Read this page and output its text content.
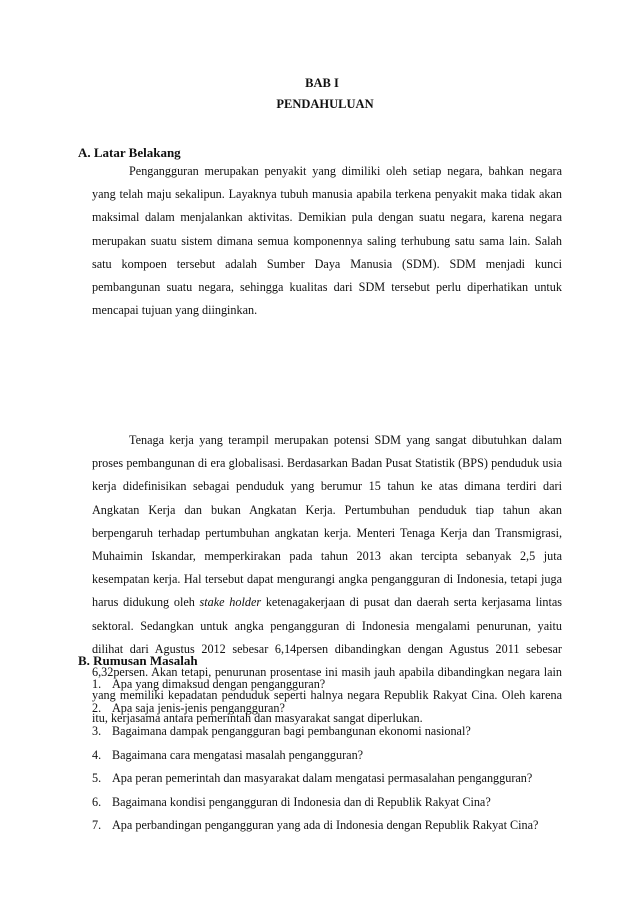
BAB I
PENDAHULUAN
A. Latar Belakang

Pengangguran merupakan penyakit yang dimiliki oleh setiap negara, bahkan negara yang telah maju sekalipun. Layaknya tubuh manusia apabila terkena penyakit maka tidak akan maksimal dalam menjalankan aktivitas. Demikian pula dengan suatu negara, karena negara merupakan suatu sistem dimana semua komponennya saling terhubung satu sama lain. Salah satu kompoen tersebut adalah Sumber Daya Manusia (SDM). SDM menjadi kunci pembangunan suatu negara, sehingga kualitas dari SDM tersebut perlu diperhatikan untuk mencapai tujuan yang diinginkan.

Tenaga kerja yang terampil merupakan potensi SDM yang sangat dibutuhkan dalam proses pembangunan di era globalisasi. Berdasarkan Badan Pusat Statistik (BPS) penduduk usia kerja didefinisikan sebagai penduduk yang berumur 15 tahun ke atas dimana terdiri dari Angkatan Kerja dan bukan Angkatan Kerja. Pertumbuhan penduduk tiap tahun akan berpengaruh terhadap pertumbuhan angkatan kerja. Menteri Tenaga Kerja dan Transmigrasi, Muhaimin Iskandar, memperkirakan pada tahun 2013 akan tercipta sebanyak 2,5 juta kesempatan kerja. Hal tersebut dapat mengurangi angka pengangguran di Indonesia, tetapi juga harus didukung oleh stake holder ketenagakerjaan di pusat dan daerah serta kerjasama lintas sektoral. Sedangkan untuk angka pengangguran di Indonesia mengalami penurunan, yaitu dilihat dari Agustus 2012 sebesar 6,14persen dibandingkan dengan Agustus 2011 sebesar 6,32persen. Akan tetapi, penurunan prosentase ini masih jauh apabila dibandingkan negara lain yang memiliki kepadatan penduduk seperti halnya negara Republik Rakyat Cina. Oleh karena itu, kerjasama antara pemerintah dan masyarakat sangat diperlukan.

B. Rumusan Masalah
1. Apa yang dimaksud dengan pengangguran?
2. Apa saja jenis-jenis pengangguran?
3. Bagaimana dampak pengangguran bagi pembangunan ekonomi nasional?
4. Bagaimana cara mengatasi masalah pengangguran?
5. Apa peran pemerintah dan masyarakat dalam mengatasi permasalahan pengangguran?
6. Bagaimana kondisi pengangguran di Indonesia dan di Republik Rakyat Cina?
7. Apa perbandingan pengangguran yang ada di Indonesia dengan Republik Rakyat Cina?
